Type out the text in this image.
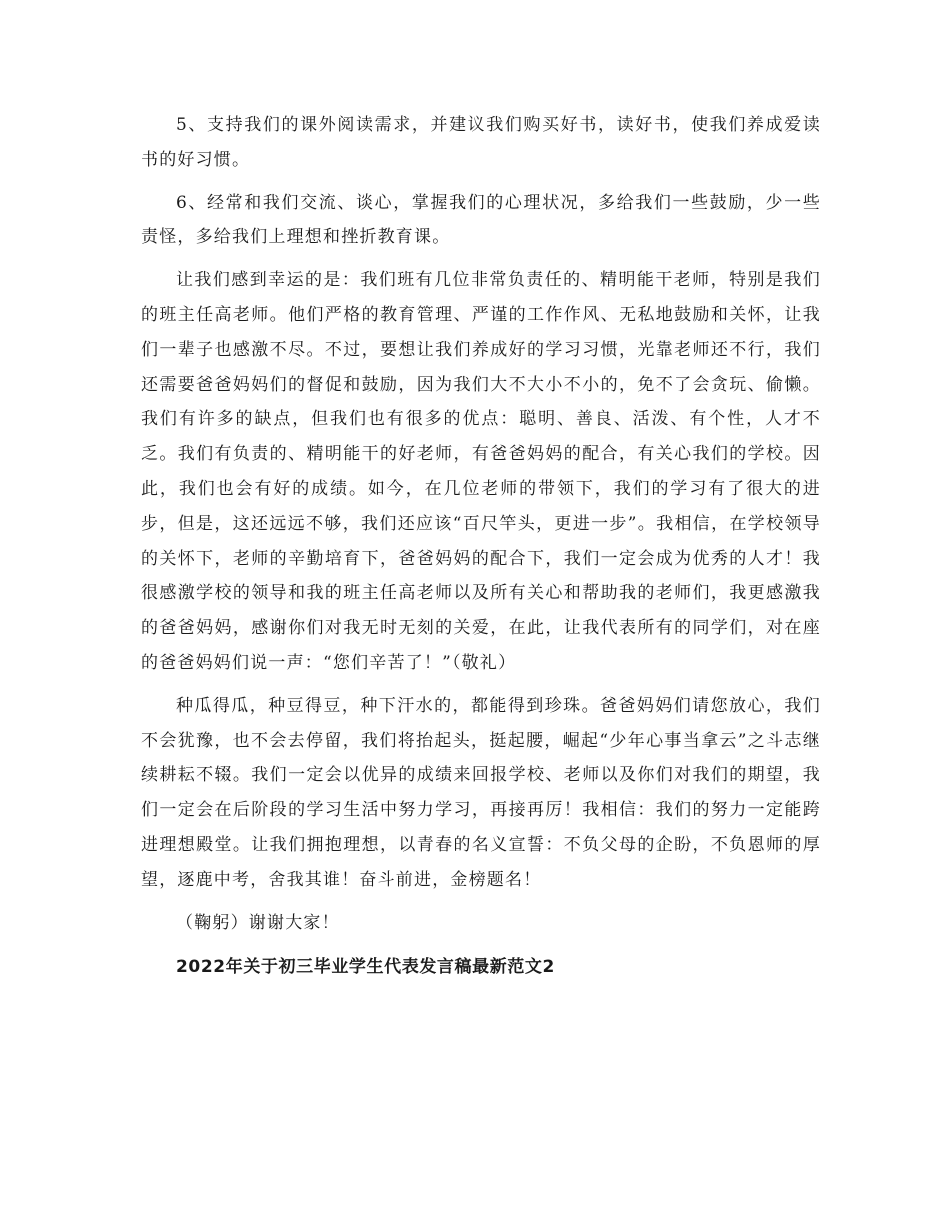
5、支持我们的课外阅读需求，并建议我们购买好书，读好书，使我们养成爱读书的好习惯。

6、经常和我们交流、谈心，掌握我们的心理状况，多给我们一些鼓励，少一些责怪，多给我们上理想和挫折教育课。

让我们感到幸运的是：我们班有几位非常负责任的、精明能干老师，特别是我们的班主任高老师。他们严格的教育管理、严谨的工作作风、无私地鼓励和关怀，让我们一辈子也感激不尽。不过，要想让我们养成好的学习习惯，光靠老师还不行，我们还需要爸爸妈妈们的督促和鼓励，因为我们大不大小不小的，免不了会贪玩、偷懒。我们有许多的缺点，但我们也有很多的优点：聪明、善良、活泼、有个性，人才不乏。我们有负责的、精明能干的好老师，有爸爸妈妈的配合，有关心我们的学校。因此，我们也会有好的成绩。如今，在几位老师的带领下，我们的学习有了很大的进步，但是，这还远远不够，我们还应该“百尺竿头，更进一步”。我相信，在学校领导的关怀下，老师的辛勤培育下，爸爸妈妈的配合下，我们一定会成为优秀的人才！我很感激学校的领导和我的班主任高老师以及所有关心和帮助我的老师们，我更感激我的爸爸妈妈，感谢你们对我无时无刻的关爱，在此，让我代表所有的同学们，对在座的爸爸妈妈们说一声：“您们辛苦了！”（敬礼）

种瓜得瓜，种豆得豆，种下汗水的，都能得到珍珠。爸爸妈妈们请您放心，我们不会犹豫，也不会去停留，我们将抬起头，挺起腰，崛起“少年心事当拿云”之斗志继续耕耘不辍。我们一定会以优异的成绩来回报学校、老师以及你们对我们的期望，我们一定会在后阶段的学习生活中努力学习，再接再厉！我相信：我们的努力一定能跨进理想殿堂。让我们拥抱理想，以青春的名义宣誓：不负父母的企盼，不负恩师的厚望，逐鹿中考，舍我其谁！奋斗前进，金榜题名！

（鞠躬）谢谢大家！

2022年关于初三毕业学生代表发言稿最新范文2
